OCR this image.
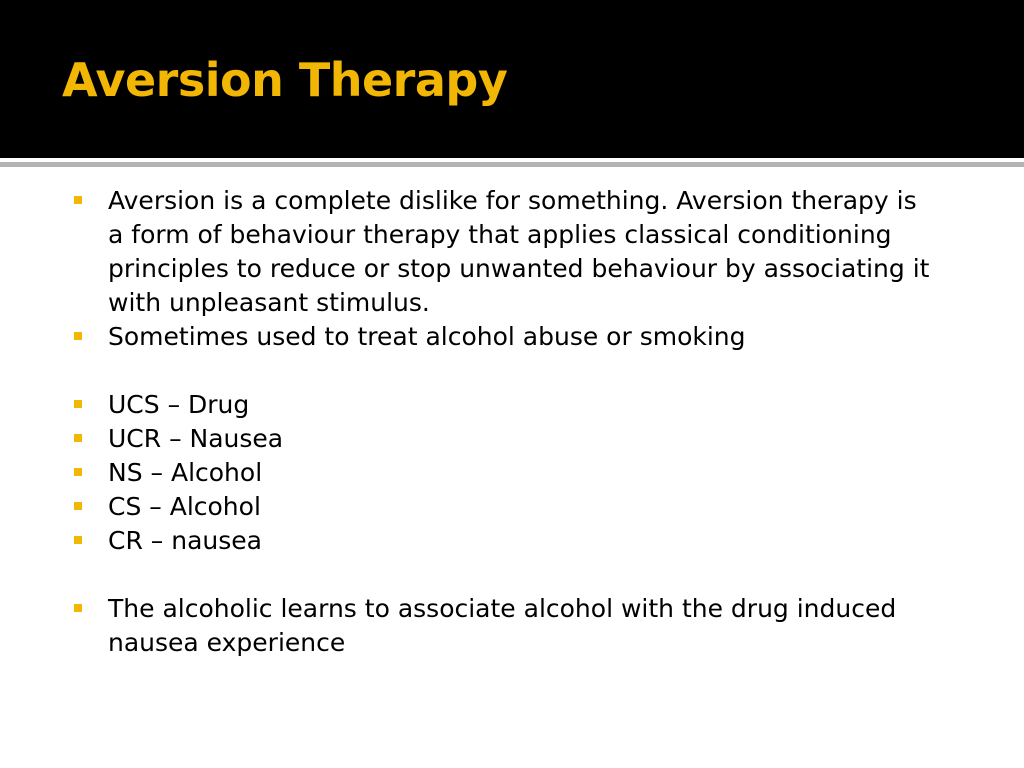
Aversion Therapy
Aversion is a complete dislike for something. Aversion therapy is a form of behaviour therapy that applies classical conditioning principles to reduce or stop unwanted behaviour by associating it with unpleasant stimulus.
Sometimes used to treat alcohol abuse or smoking
UCS – Drug
UCR – Nausea
NS – Alcohol
CS – Alcohol
CR – nausea
The alcoholic learns to associate alcohol with the drug induced nausea experience
